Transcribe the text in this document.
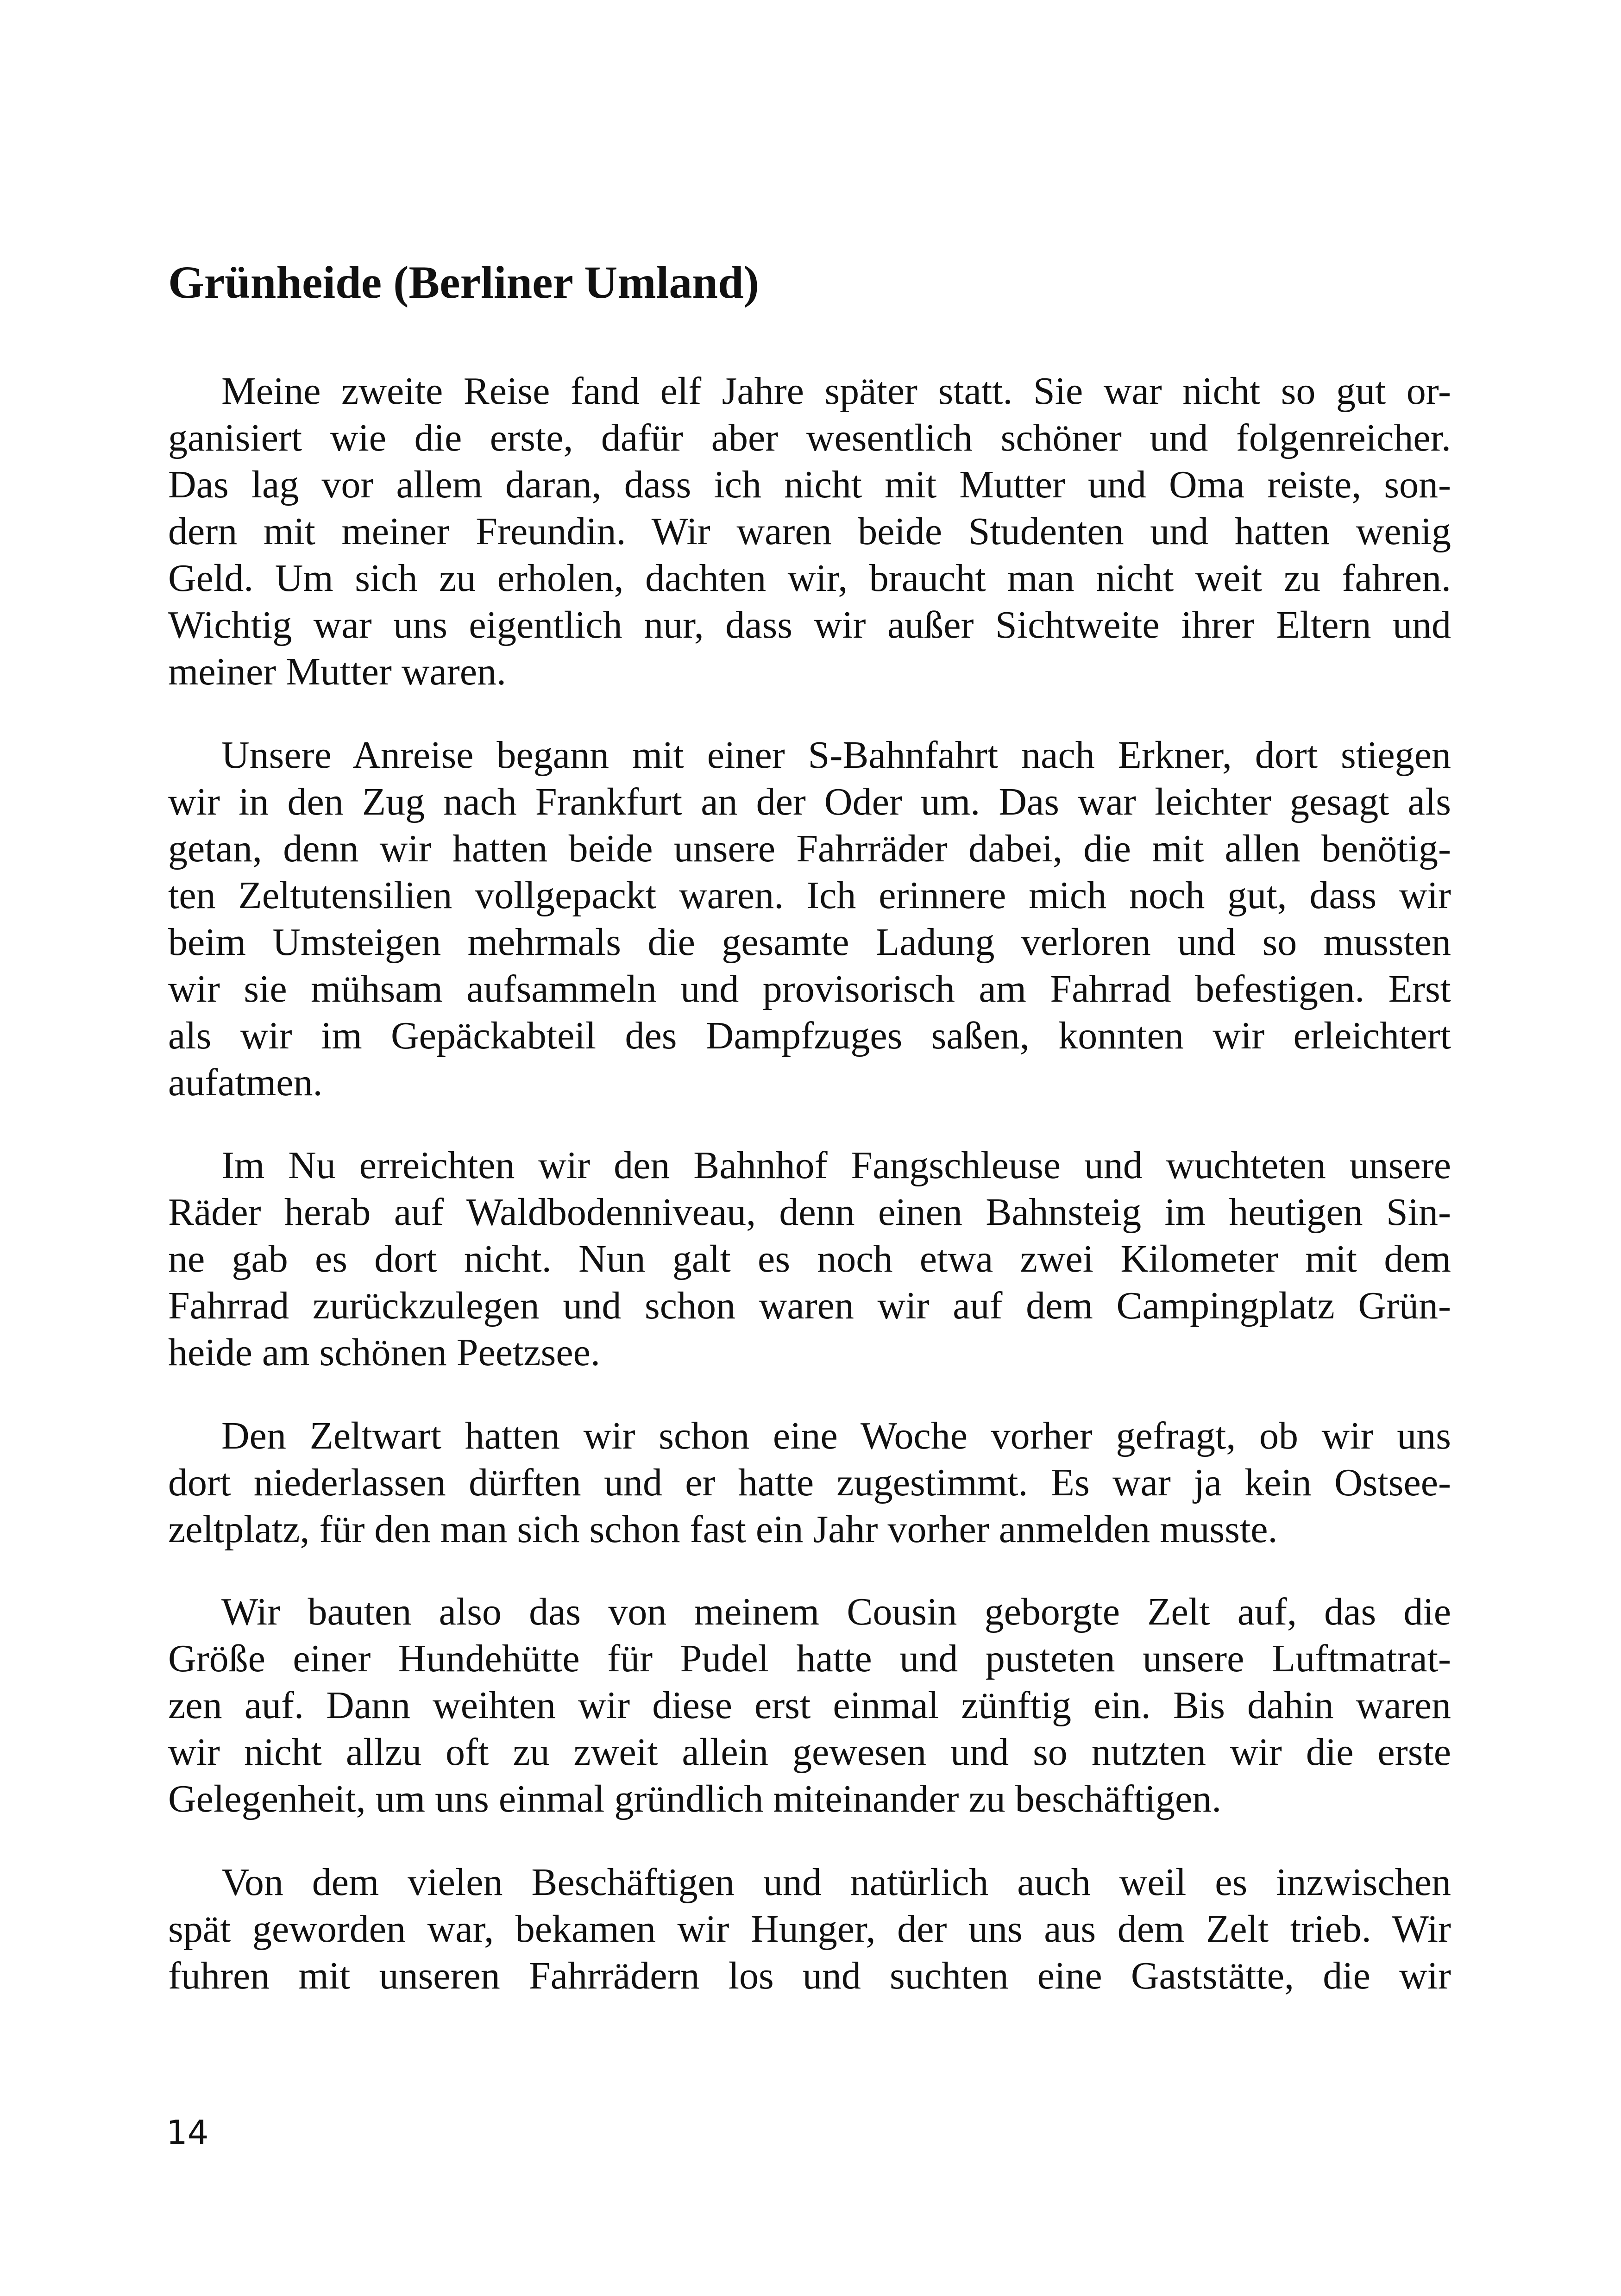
Grünheide (Berliner Umland)
Meine zweite Reise fand elf Jahre später statt. Sie war nicht so gut or-
ganisiert wie die erste, dafür aber wesentlich schöner und folgenreicher.
Das lag vor allem daran, dass ich nicht mit Mutter und Oma reiste, son-
dern mit meiner Freundin. Wir waren beide Studenten und hatten wenig
Geld. Um sich zu erholen, dachten wir, braucht man nicht weit zu fahren.
Wichtig war uns eigentlich nur, dass wir außer Sichtweite ihrer Eltern und
meiner Mutter waren.
Unsere Anreise begann mit einer S-Bahnfahrt nach Erkner, dort stiegen
wir in den Zug nach Frankfurt an der Oder um. Das war leichter gesagt als
getan, denn wir hatten beide unsere Fahrräder dabei, die mit allen benötig-
ten Zeltutensilien vollgepackt waren. Ich erinnere mich noch gut, dass wir
beim Umsteigen mehrmals die gesamte Ladung verloren und so mussten
wir sie mühsam aufsammeln und provisorisch am Fahrrad befestigen. Erst
als wir im Gepäckabteil des Dampfzuges saßen, konnten wir erleichtert
aufatmen.
Im Nu erreichten wir den Bahnhof Fangschleuse und wuchteten unsere
Räder herab auf Waldbodenniveau, denn einen Bahnsteig im heutigen Sin-
ne gab es dort nicht. Nun galt es noch etwa zwei Kilometer mit dem
Fahrrad zurückzulegen und schon waren wir auf dem Campingplatz Grün-
heide am schönen Peetzsee.
Den Zeltwart hatten wir schon eine Woche vorher gefragt, ob wir uns
dort niederlassen dürften und er hatte zugestimmt. Es war ja kein Ostsee-
zeltplatz, für den man sich schon fast ein Jahr vorher anmelden musste.
Wir bauten also das von meinem Cousin geborgte Zelt auf, das die
Größe einer Hundehütte für Pudel hatte und pusteten unsere Luftmatrat-
zen auf. Dann weihten wir diese erst einmal zünftig ein. Bis dahin waren
wir nicht allzu oft zu zweit allein gewesen und so nutzten wir die erste
Gelegenheit, um uns einmal gründlich miteinander zu beschäftigen.
Von dem vielen Beschäftigen und natürlich auch weil es inzwischen
spät geworden war, bekamen wir Hunger, der uns aus dem Zelt trieb. Wir
fuhren mit unseren Fahrrädern los und suchten eine Gaststätte, die wir
14
